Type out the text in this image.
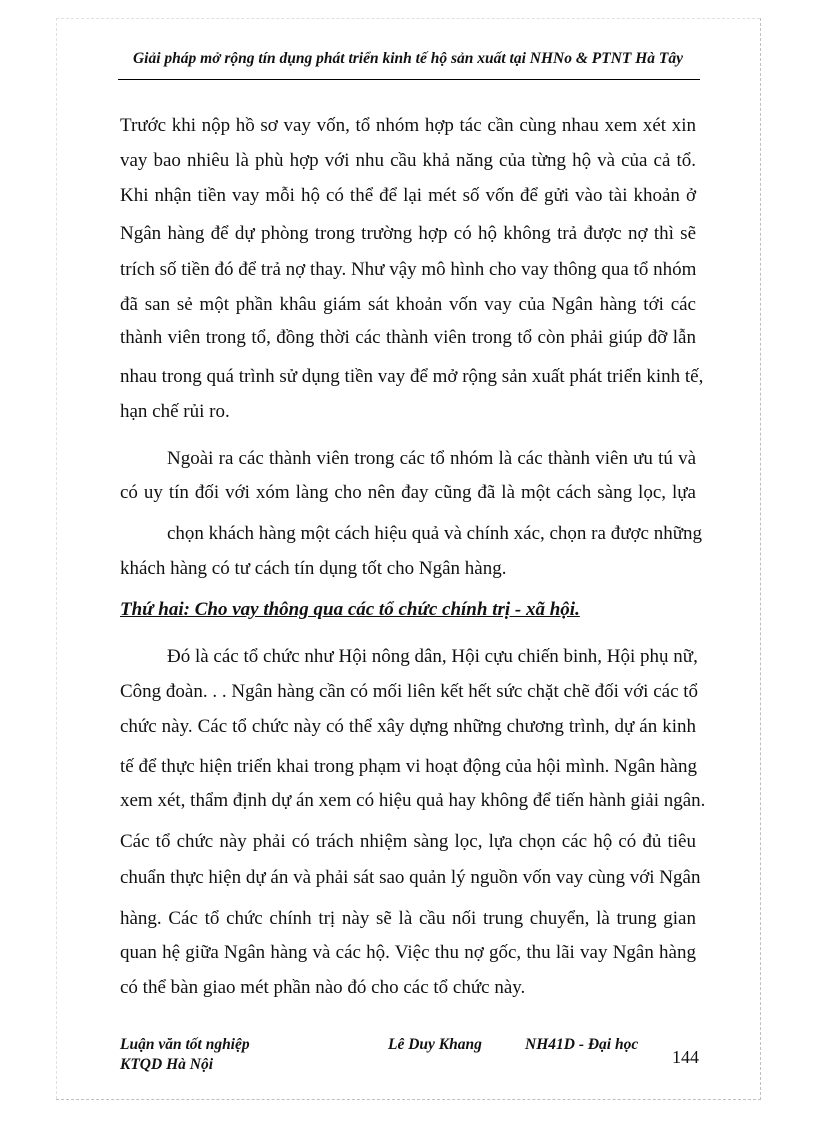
Giải pháp mở rộng tín dụng phát triển kinh tế hộ sản xuất tại NHNo & PTNT Hà Tây
Trước khi nộp hồ sơ vay vốn, tổ nhóm hợp tác cần cùng nhau xem xét xin
vay bao nhiêu là phù hợp với nhu cầu khả năng của từng hộ và của cả tổ.
Khi nhận tiền vay mỗi hộ có thể để lại mét số vốn để gửi vào tài khoản ở
Ngân hàng để dự phòng trong trường hợp có hộ không trả được nợ thì sẽ
trích số tiền đó để trả nợ thay. Như vậy mô hình cho vay thông qua tổ nhóm
đã san sẻ một phần khâu giám sát khoản vốn vay của Ngân hàng tới các
thành viên trong tổ, đồng thời các thành viên trong tổ còn phải giúp đỡ lẫn
nhau trong quá trình sử dụng tiền vay để mở rộng sản xuất phát triển kinh tế,
hạn chế rủi ro.
Ngoài ra các thành viên trong các tổ nhóm là các thành viên ưu tú và
có uy tín đối với xóm làng cho nên đay cũng đã là một cách sàng lọc, lựa
chọn khách hàng một cách hiệu quả và chính xác, chọn ra được những
khách hàng có tư cách tín dụng tốt cho Ngân hàng.
Thứ hai: Cho vay thông qua các tổ chức chính trị - xã hội.
Đó là các tổ chức như Hội nông dân, Hội cựu chiến binh, Hội phụ nữ,
Công đoàn. . . Ngân hàng cần có mối liên kết hết sức chặt chẽ đối với các tổ
chức này. Các tổ chức này có thể xây dựng những chương trình, dự án kinh
tế để thực hiện triển khai trong phạm vi hoạt động của hội mình. Ngân hàng
xem xét, thẩm định dự án xem có hiệu quả hay không để tiến hành giải ngân.
Các tổ chức này phải có trách nhiệm sàng lọc, lựa chọn các hộ có đủ tiêu
chuẩn thực hiện dự án và phải sát sao quản lý nguồn vốn vay cùng với Ngân
hàng. Các tổ chức chính trị này sẽ là cầu nối trung chuyển, là trung gian
quan hệ giữa Ngân hàng và các hộ. Việc thu nợ gốc, thu lãi vay Ngân hàng
có thể bàn giao mét phần nào đó cho các tổ chức này.
Luận văn tốt nghiệp
KTQD Hà Nội
Lê Duy Khang	NH41D - Đại học
144
